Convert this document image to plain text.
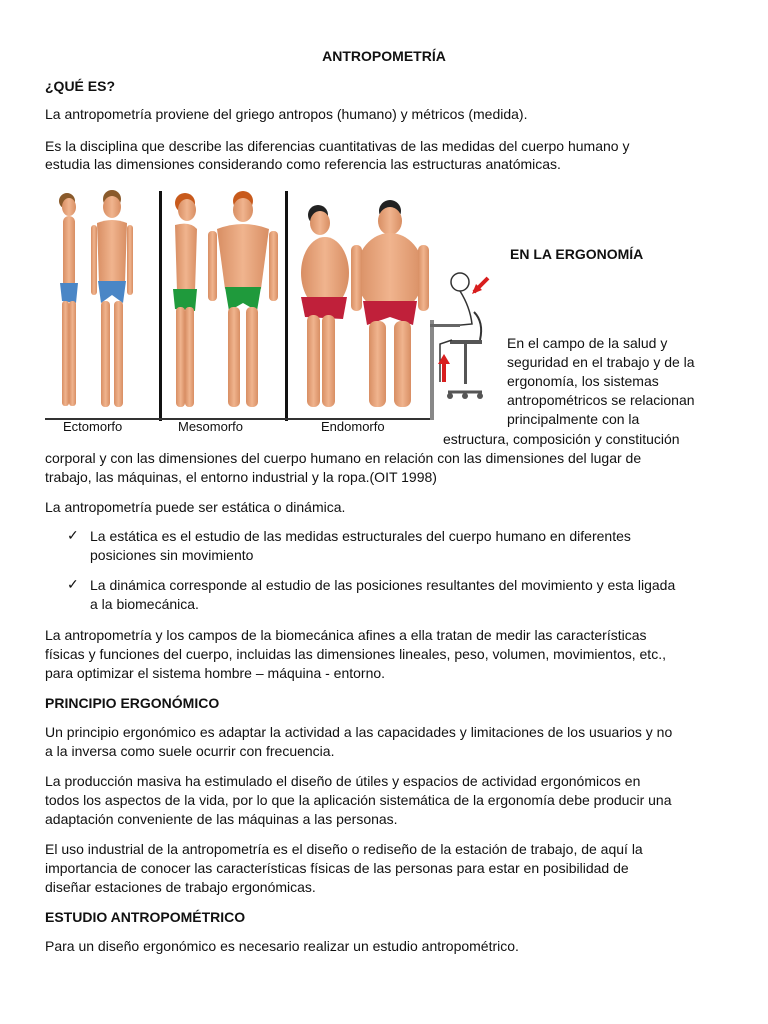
ANTROPOMETRÍA

¿QUÉ ES?

La antropometría proviene del griego antropos (humano) y métricos (medida).

Es la disciplina que describe las diferencias cuantitativas de las medidas del cuerpo humano y

estudia las dimensiones considerando como referencia las estructuras anatómicas.

Ectomorfo	Mesomorfo	Endomorfo

EN LA ERGONOMÍA

En el campo de la salud y

seguridad en el trabajo y de la

ergonomía, los sistemas

antropométricos se relacionan

principalmente con la

estructura, composición y constitución

corporal y con las dimensiones del cuerpo humano en relación con las dimensiones del lugar de

trabajo, las máquinas, el entorno industrial y la ropa.(OIT 1998)

La antropometría puede ser estática o dinámica.

✓ La estática es el estudio de las medidas estructurales del cuerpo humano en diferentes

posiciones sin movimiento

✓ La dinámica corresponde al estudio de las posiciones resultantes del movimiento y esta ligada

a la biomecánica.

La antropometría y los campos de la biomecánica afines a ella tratan de medir las características

físicas y funciones del cuerpo, incluidas las dimensiones lineales, peso, volumen, movimientos, etc.,

para optimizar el sistema hombre – máquina - entorno.

PRINCIPIO ERGONÓMICO

Un principio ergonómico es adaptar la actividad a las capacidades y limitaciones de los usuarios y no

a la inversa como suele ocurrir con frecuencia.

La producción masiva ha estimulado el diseño de útiles y espacios de actividad ergonómicos en

todos los aspectos de la vida, por lo que la aplicación sistemática de la ergonomía debe producir una

adaptación conveniente de las máquinas a las personas.

El uso industrial de la antropometría es el diseño o rediseño de la estación de trabajo, de aquí la

importancia de conocer las características físicas de las personas para estar en posibilidad de

diseñar estaciones de trabajo ergonómicas.

ESTUDIO ANTROPOMÉTRICO

Para un diseño ergonómico es necesario realizar un estudio antropométrico.
